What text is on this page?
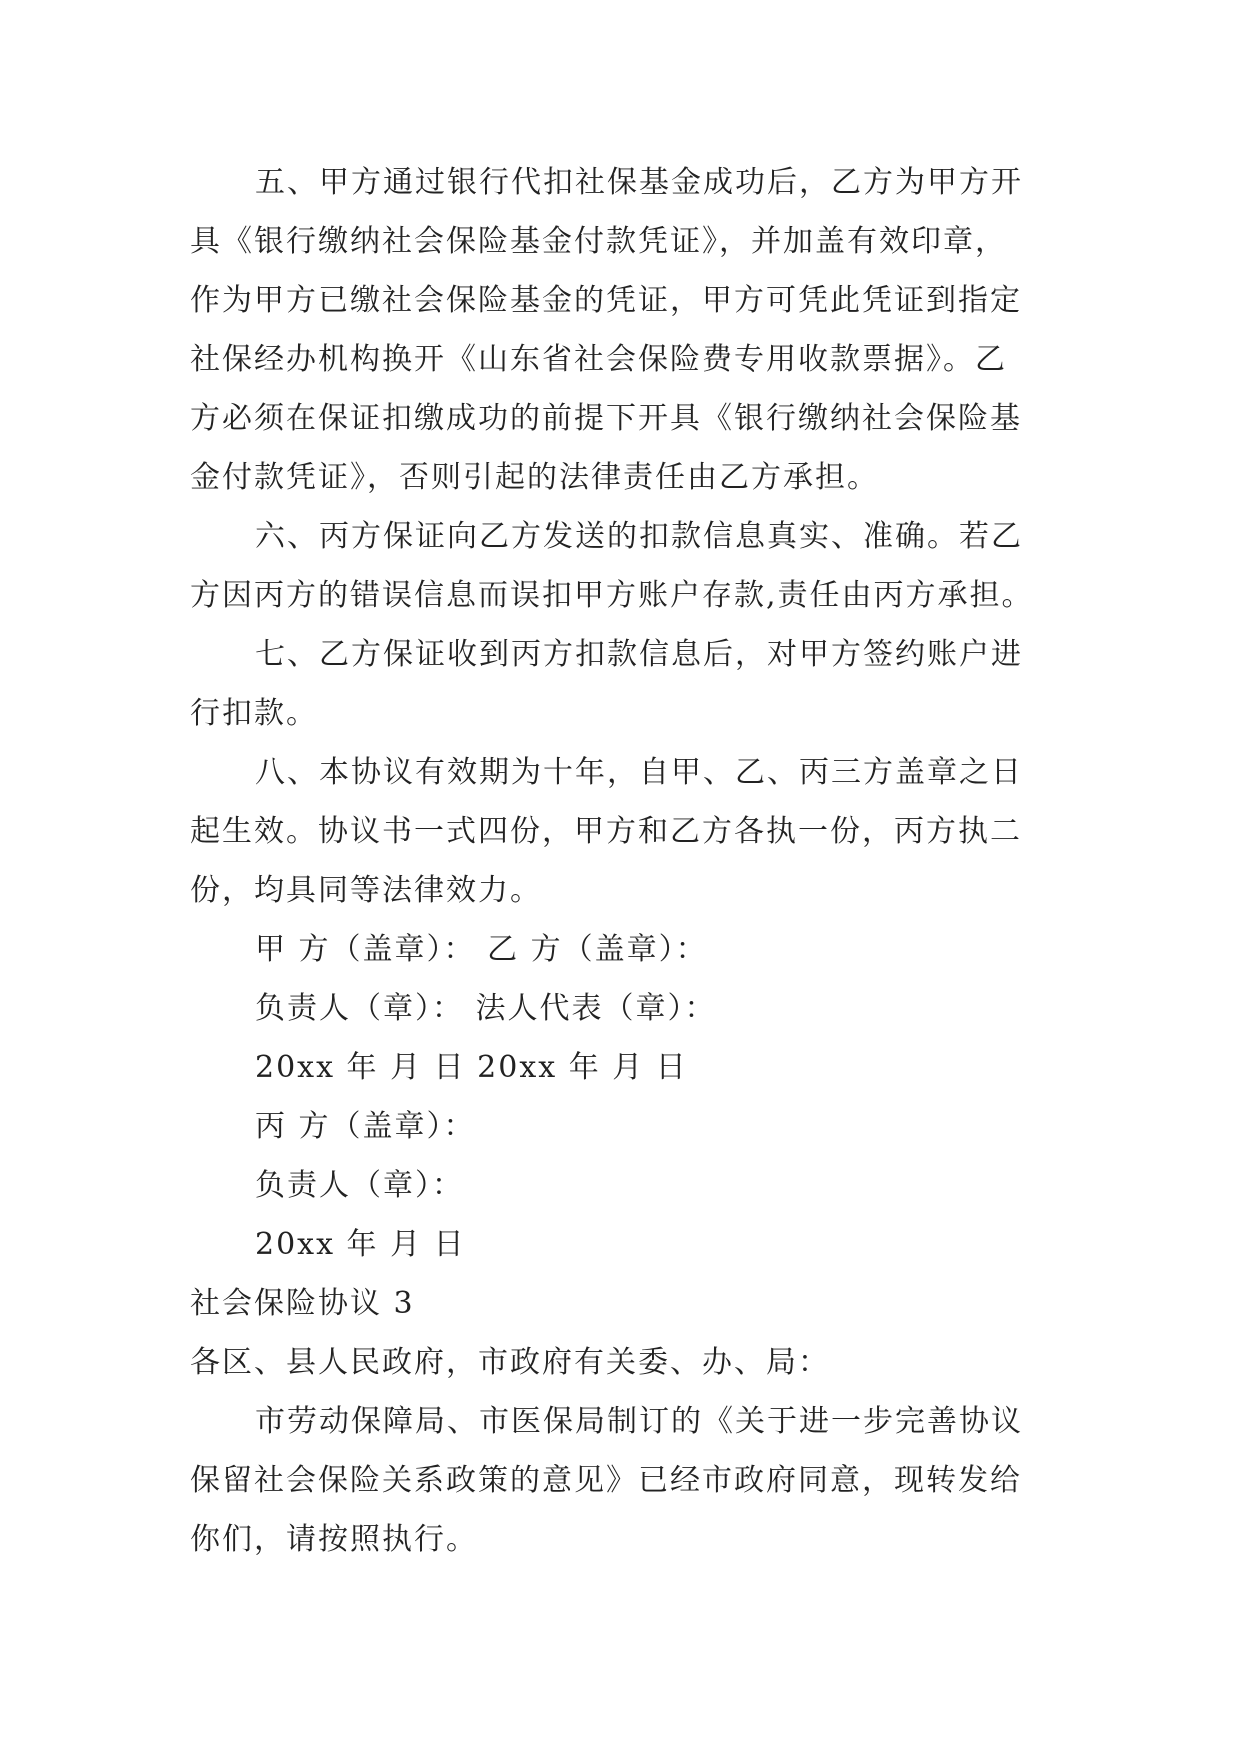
五、甲方通过银行代扣社保基金成功后，乙方为甲方开
具《银行缴纳社会保险基金付款凭证》，并加盖有效印章，
作为甲方已缴社会保险基金的凭证，甲方可凭此凭证到指定
社保经办机构换开《山东省社会保险费专用收款票据》。乙
方必须在保证扣缴成功的前提下开具《银行缴纳社会保险基
金付款凭证》，否则引起的法律责任由乙方承担。
六、丙方保证向乙方发送的扣款信息真实、准确。若乙
方因丙方的错误信息而误扣甲方账户存款,责任由丙方承担。
七、乙方保证收到丙方扣款信息后，对甲方签约账户进
行扣款。
八、本协议有效期为十年，自甲、乙、丙三方盖章之日
起生效。协议书一式四份，甲方和乙方各执一份，丙方执二
份，均具同等法律效力。
甲 方（盖章）： 乙 方（盖章）：
负责人（章）： 法人代表（章）：
20xx 年 月 日 20xx 年 月 日
丙 方（盖章）：
负责人（章）：
20xx 年 月 日
社会保险协议 3
各区、县人民政府，市政府有关委、办、局：
市劳动保障局、市医保局制订的《关于进一步完善协议
保留社会保险关系政策的意见》已经市政府同意，现转发给
你们，请按照执行。
